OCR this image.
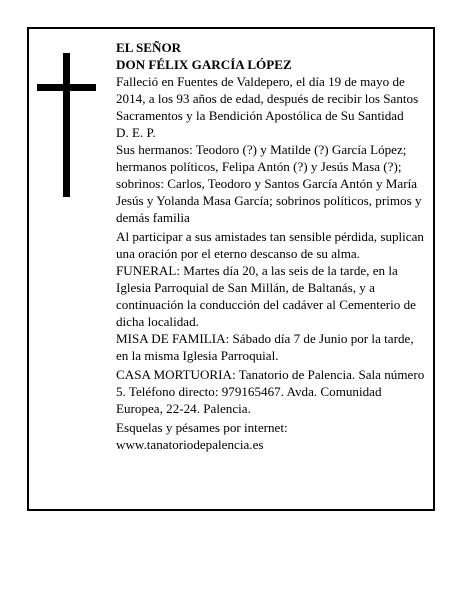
EL SEÑOR

DON FÉLIX GARCÍA LÓPEZ

Falleció en Fuentes de Valdepero, el día 19 de mayo de 2014, a los 93 años de edad, después de recibir los Santos Sacramentos y la Bendición Apostólica de Su Santidad

D. E. P.

Sus hermanos: Teodoro (?) y Matilde (?) García López; hermanos políticos, Felipa Antón (?) y Jesús Masa (?); sobrinos: Carlos, Teodoro y Santos García Antón y María Jesús y Yolanda Masa García; sobrinos políticos, primos y demás familia

Al participar a sus amistades tan sensible pérdida, suplican una oración por el eterno descanso de su alma.

FUNERAL: Martes día 20, a las seis de la tarde, en la Iglesia Parroquial de San Millán, de Baltanás, y a continuación la conducción del cadáver al Cementerio de dicha localidad.

MISA DE FAMILIA: Sábado día 7 de Junio por la tarde, en la misma Iglesia Parroquial.

CASA MORTUORIA: Tanatorio de Palencia. Sala número 5. Teléfono directo: 979165467. Avda. Comunidad Europea, 22-24. Palencia.

Esquelas y pésames por internet:

www.tanatoriodepalencia.es
